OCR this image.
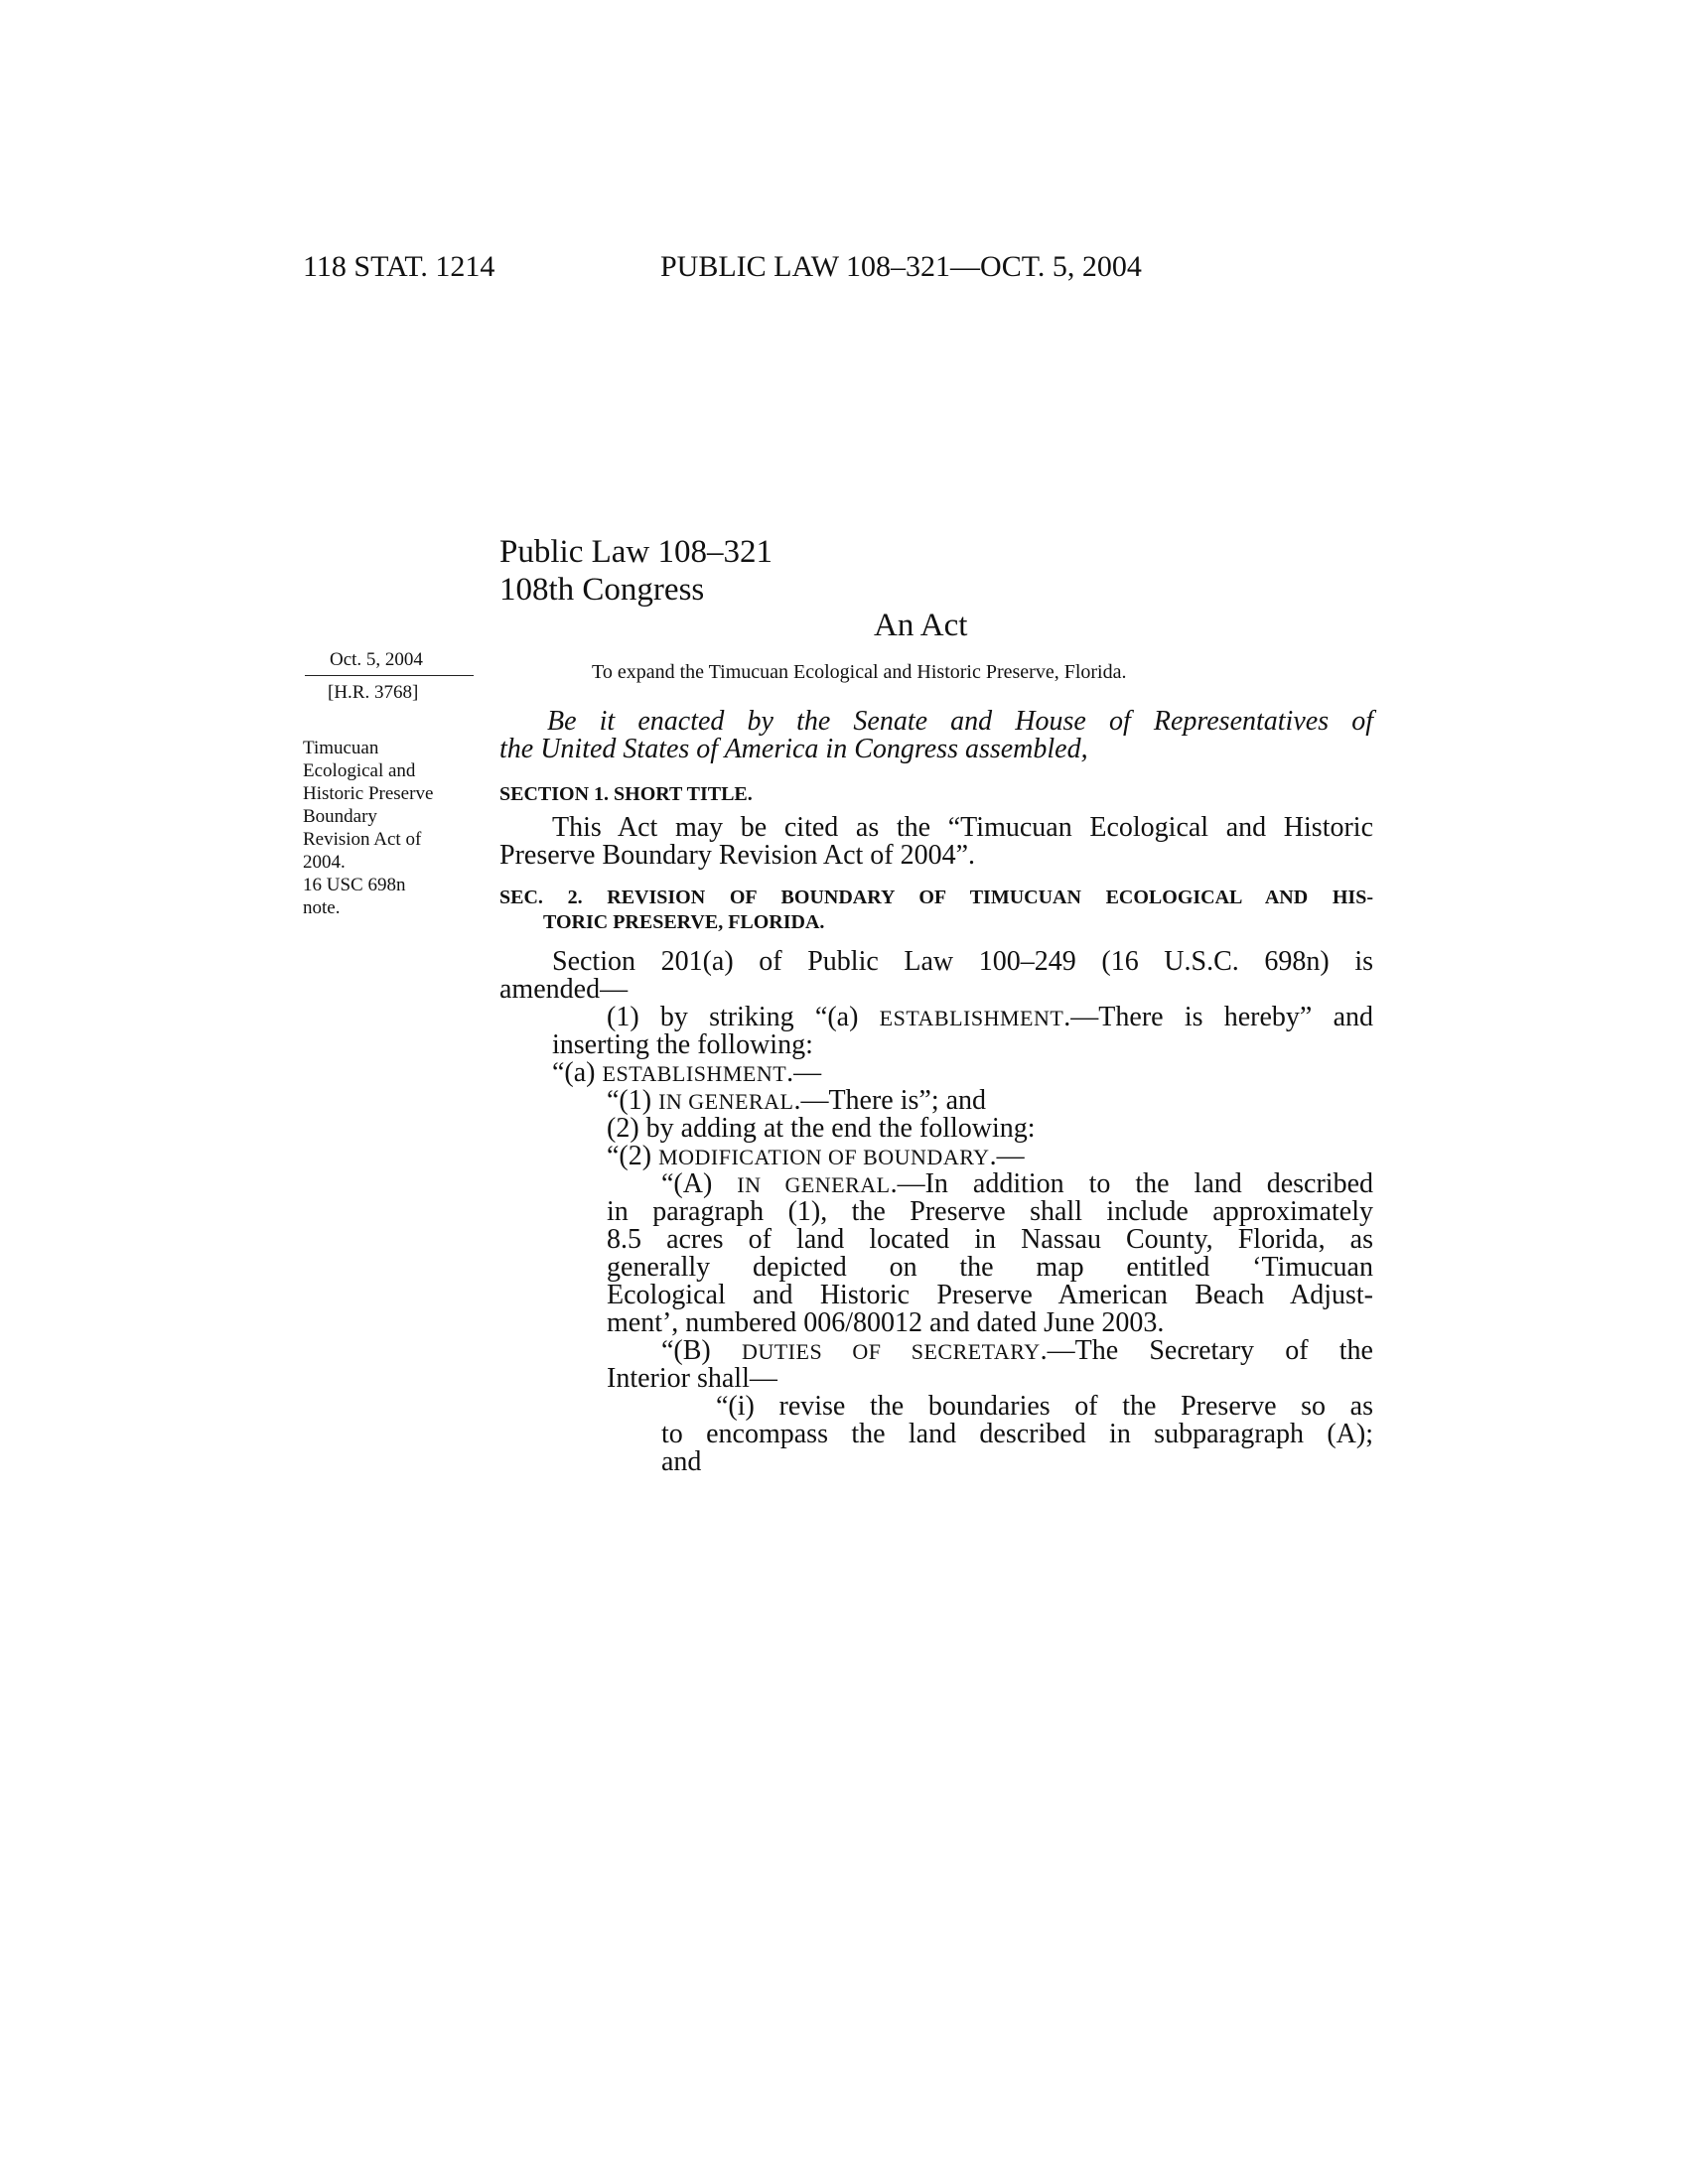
118 STAT. 1214	PUBLIC LAW 108–321—OCT. 5, 2004
Public Law 108–321
108th Congress
An Act
To expand the Timucuan Ecological and Historic Preserve, Florida.
Oct. 5, 2004
[H.R. 3768]
Timucuan
Ecological and
Historic Preserve
Boundary
Revision Act of
2004.
16 USC 698n
note.
Be it enacted by the Senate and House of Representatives of
the United States of America in Congress assembled,
SECTION 1. SHORT TITLE.
This Act may be cited as the “Timucuan Ecological and Historic
Preserve Boundary Revision Act of 2004”.
SEC. 2. REVISION OF BOUNDARY OF TIMUCUAN ECOLOGICAL AND HIS-
TORIC PRESERVE, FLORIDA.
Section 201(a) of Public Law 100–249 (16 U.S.C. 698n) is
amended—
(1) by striking “(a) ESTABLISHMENT.—There is hereby” and
inserting the following:
“(a) ESTABLISHMENT.—
“(1) IN GENERAL.—There is”; and
(2) by adding at the end the following:
“(2) MODIFICATION OF BOUNDARY.—
“(A) IN GENERAL.—In addition to the land described
in paragraph (1), the Preserve shall include approximately
8.5 acres of land located in Nassau County, Florida, as
generally depicted on the map entitled ‘Timucuan
Ecological and Historic Preserve American Beach Adjust-
ment’, numbered 006/80012 and dated June 2003.
“(B) DUTIES OF SECRETARY.—The Secretary of the
Interior shall—
“(i) revise the boundaries of the Preserve so as
to encompass the land described in subparagraph (A);
and
